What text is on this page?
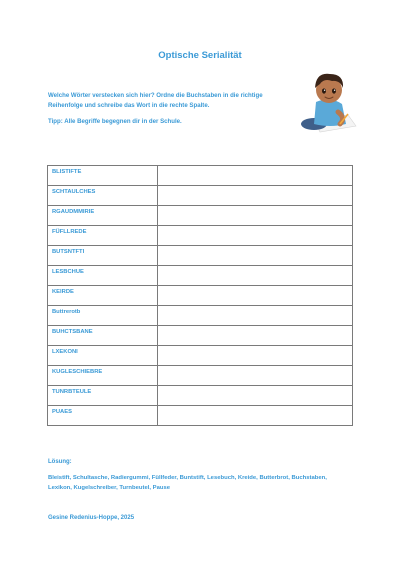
Optische Serialität
Welche Wörter verstecken sich hier? Ordne die Buchstaben in die richtige Reihenfolge und schreibe das Wort in die rechte Spalte.
Tipp: Alle Begriffe begegnen dir in der Schule.
BLISTIFTE	
SCHTAULCHES	
RGAUDMMIRIE	
FÜFLLREDE	
BUTSNTFTI	
LESBCHUE	
KEIRDE	
Buttrerotb	
BUHCTSBANE	
LXEKONI	
KUGLESCHIEBRE	
TUNRBTEULE	
PUAES	
Lösung:
Bleistift, Schultasche, Radiergummi, Füllfeder, Buntstift, Lesebuch, Kreide, Butterbrot, Buchstaben, Lexikon, Kugelschreiber, Turnbeutel, Pause
Gesine Redenius-Hoppe, 2025
